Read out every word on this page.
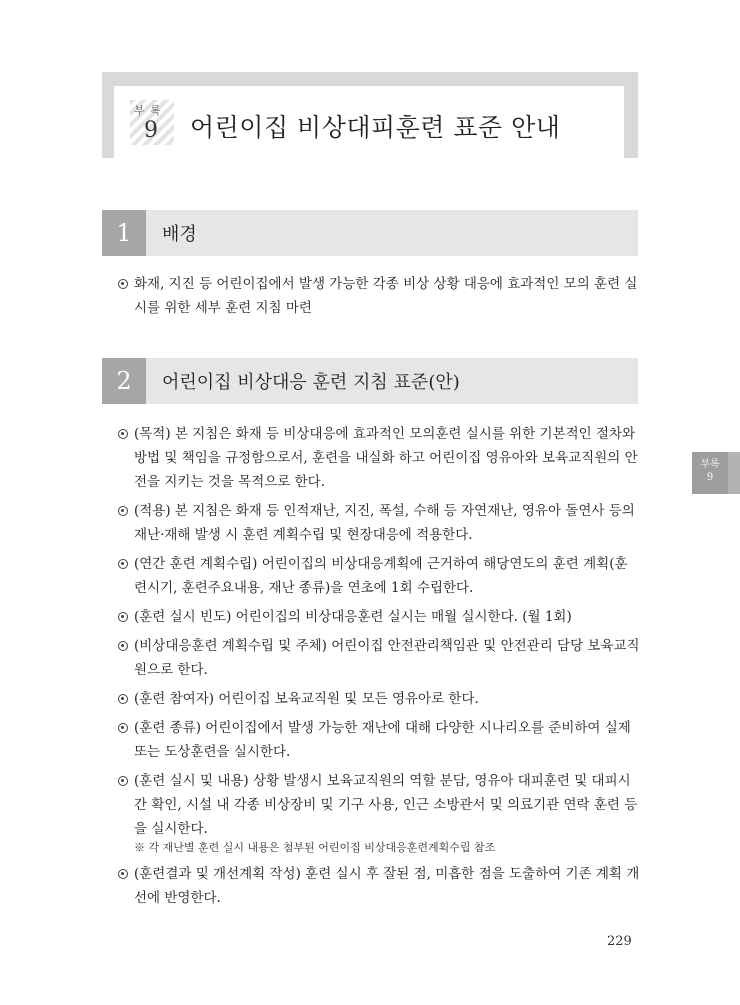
부 록
9 어린이집 비상대피훈련 표준 안내
1	배경
화재, 지진 등 어린이집에서 발생 가능한 각종 비상 상황 대응에 효과적인 모의 훈련 실시를 위한 세부 훈련 지침 마련
2	어린이집 비상대응 훈련 지침 표준(안)
(목적) 본 지침은 화재 등 비상대응에 효과적인 모의훈련 실시를 위한 기본적인 절차와 방법 및 책임을 규정함으로서, 훈련을 내실화 하고 어린이집 영유아와 보육교직원의 안전을 지키는 것을 목적으로 한다.
(적용) 본 지침은 화재 등 인적재난, 지진, 폭설, 수해 등 자연재난, 영유아 돌연사 등의 재난·재해 발생 시 훈련 계획수립 및 현장대응에 적용한다.
(연간 훈련 계획수립) 어린이집의 비상대응계획에 근거하여 해당연도의 훈련 계획(훈련시기, 훈련주요내용, 재난 종류)을 연초에 1회 수립한다.
(훈련 실시 빈도) 어린이집의 비상대응훈련 실시는 매월 실시한다. (월 1회)
(비상대응훈련 계획수립 및 주체) 어린이집 안전관리책임관 및 안전관리 담당 보육교직원으로 한다.
(훈련 참여자) 어린이집 보육교직원 및 모든 영유아로 한다.
(훈련 종류) 어린이집에서 발생 가능한 재난에 대해 다양한 시나리오를 준비하여 실제 또는 도상훈련을 실시한다.
(훈련 실시 및 내용) 상황 발생시 보육교직원의 역할 분담, 영유아 대피훈련 및 대피시간 확인, 시설 내 각종 비상장비 및 기구 사용, 인근 소방관서 및 의료기관 연락 훈련 등을 실시한다.
※ 각 재난별 훈련 실시 내용은 첨부된 어린이집 비상대응훈련계획수립 참조
(훈련결과 및 개선계획 작성) 훈련 실시 후 잘된 점, 미흡한 점을 도출하여 기존 계획 개선에 반영한다.
부록
9
229
